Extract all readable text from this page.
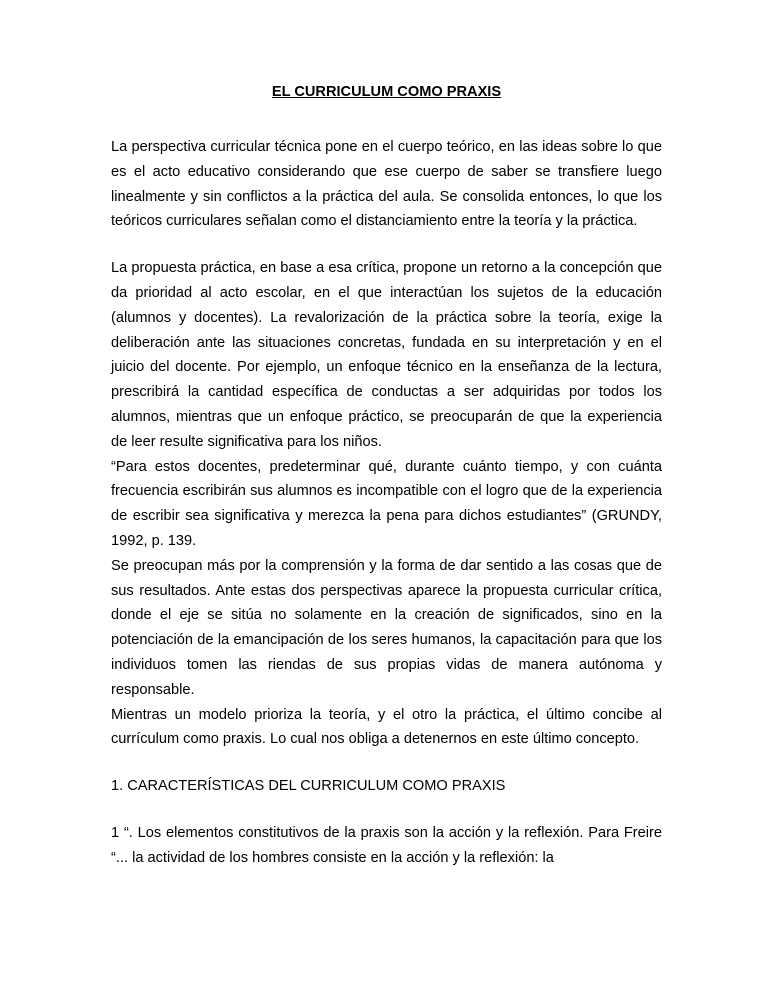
EL CURRICULUM COMO PRAXIS

La perspectiva curricular técnica pone en el cuerpo teórico, en las ideas sobre lo que es el acto educativo considerando que ese cuerpo de saber se transfiere luego linealmente y sin conflictos a la práctica del aula. Se consolida entonces, lo que los teóricos curriculares señalan como el distanciamiento entre la teoría y la práctica.

La propuesta práctica, en base a esa crítica, propone un retorno a la concepción que da prioridad al acto escolar, en el que interactúan los sujetos de la educación (alumnos y docentes). La revalorización de la práctica sobre la teoría, exige la deliberación ante las situaciones concretas, fundada en su interpretación y en el juicio del docente. Por ejemplo, un enfoque técnico en la enseñanza de la lectura, prescribirá la cantidad específica de conductas a ser adquiridas por todos los alumnos, mientras que un enfoque práctico, se preocuparán de que la experiencia de leer resulte significativa para los niños.

“Para estos docentes, predeterminar qué, durante cuánto tiempo, y con cuánta frecuencia escribirán sus alumnos es incompatible con el logro que de la experiencia de escribir sea significativa y merezca la pena para dichos estudiantes” (GRUNDY, 1992, p. 139.

Se preocupan más por la comprensión y la forma de dar sentido a las cosas que de sus resultados. Ante estas dos perspectivas aparece la propuesta curricular crítica, donde el eje se sitúa no solamente en la creación de significados, sino en la potenciación de la emancipación de los seres humanos, la capacitación para que los individuos tomen las riendas de sus propias vidas de manera autónoma y responsable.

Mientras un modelo prioriza la teoría, y el otro la práctica, el último concibe al currículum como praxis. Lo cual nos obliga a detenernos en este último concepto.

1. CARACTERÍSTICAS DEL CURRICULUM COMO PRAXIS

1 “. Los elementos constitutivos de la praxis son la acción y la reflexión. Para Freire “... la actividad de los hombres consiste en la acción y la reflexión: la
